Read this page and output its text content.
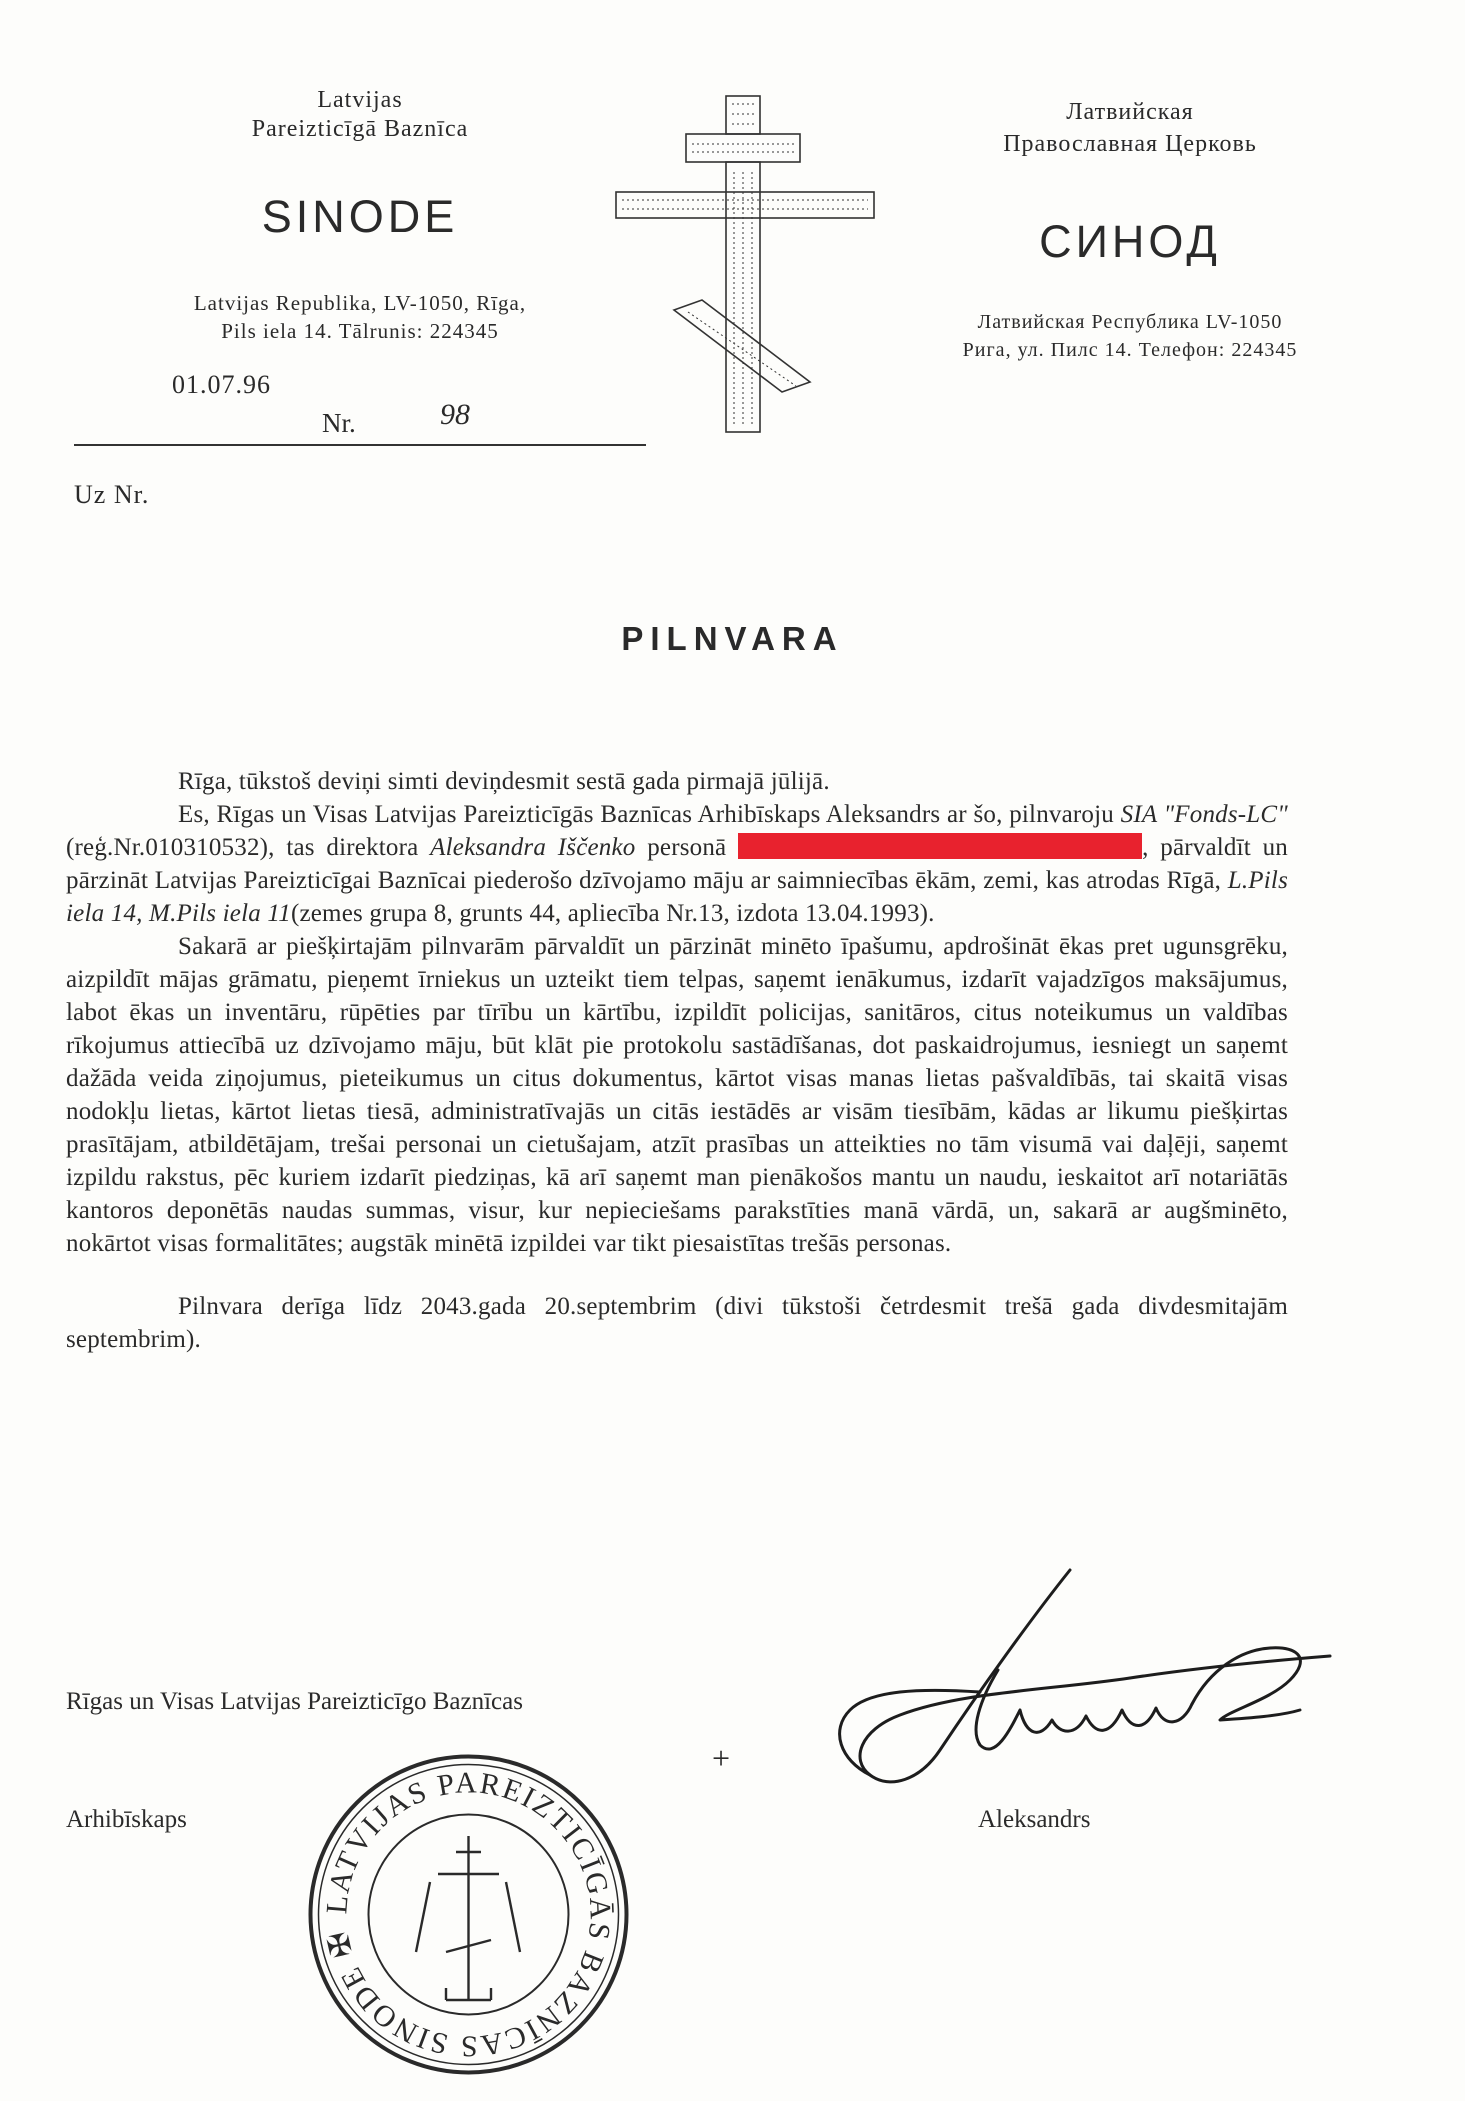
Latvijas
Pareizticīgā Baznīca
SINODE
Latvijas Republika, LV-1050, Rīga,
Pils iela 14. Tālrunis: 224345
Латвийская
Православная Церковь
СИНОД
Латвийская Республика LV-1050
Рига, ул. Пилс 14. Телефон: 224345
01.07.96
Nr.	98
Uz Nr.
PILNVARA

Rīga, tūkstoš deviņi simti deviņdesmit sestā gada pirmajā jūlijā.

Es, Rīgas un Visas Latvijas Pareizticīgās Baznīcas Arhibīskaps Aleksandrs ar šo, pilnvaroju SIA "Fonds-LC" (reģ.Nr.010310532), tas direktora Aleksandra Iščenko personā	, pārvaldīt un pārzināt Latvijas Pareizticīgai Baznīcai piederošo dzīvojamo māju ar saimniecības ēkām, zemi, kas atrodas Rīgā, L.Pils iela 14, M.Pils iela 11(zemes grupa 8, grunts 44, apliecība Nr.13, izdota 13.04.1993).

Sakarā ar piešķirtajām pilnvarām pārvaldīt un pārzināt minēto īpašumu, apdrošināt ēkas pret ugunsgrēku, aizpildīt mājas grāmatu, pieņemt īrniekus un uzteikt tiem telpas, saņemt ienākumus, izdarīt vajadzīgos maksājumus, labot ēkas un inventāru, rūpēties par tīrību un kārtību, izpildīt policijas, sanitāros, citus noteikumus un valdības rīkojumus attiecībā uz dzīvojamo māju, būt klāt pie protokolu sastādīšanas, dot paskaidrojumus, iesniegt un saņemt dažāda veida ziņojumus, pieteikumus un citus dokumentus, kārtot visas manas lietas pašvaldībās, tai skaitā visas nodokļu lietas, kārtot lietas tiesā, administratīvajās un citās iestādēs ar visām tiesībām, kādas ar likumu piešķirtas prasītājam, atbildētājam, trešai personai un cietušajam, atzīt prasības un atteikties no tām visumā vai daļēji, saņemt izpildu rakstus, pēc kuriem izdarīt piedziņas, kā arī saņemt man pienākošos mantu un naudu, ieskaitot arī notariātās kantoros deponētās naudas summas, visur, kur nepieciešams parakstīties manā vārdā, un, sakarā ar augšminēto, nokārtot visas formalitātes; augstāk minētā izpildei var tikt piesaistītas trešās personas.

Pilnvara derīga līdz 2043.gada 20.septembrim (divi tūkstoši četrdesmit trešā gada divdesmitajām septembrim).

Rīgas un Visas Latvijas Pareizticīgo Baznīcas
Arhibīskaps
+
Aleksandrs
LATVIJAS PAREIZTICĪGĀS BAZNĪCAS SINODE ✠
